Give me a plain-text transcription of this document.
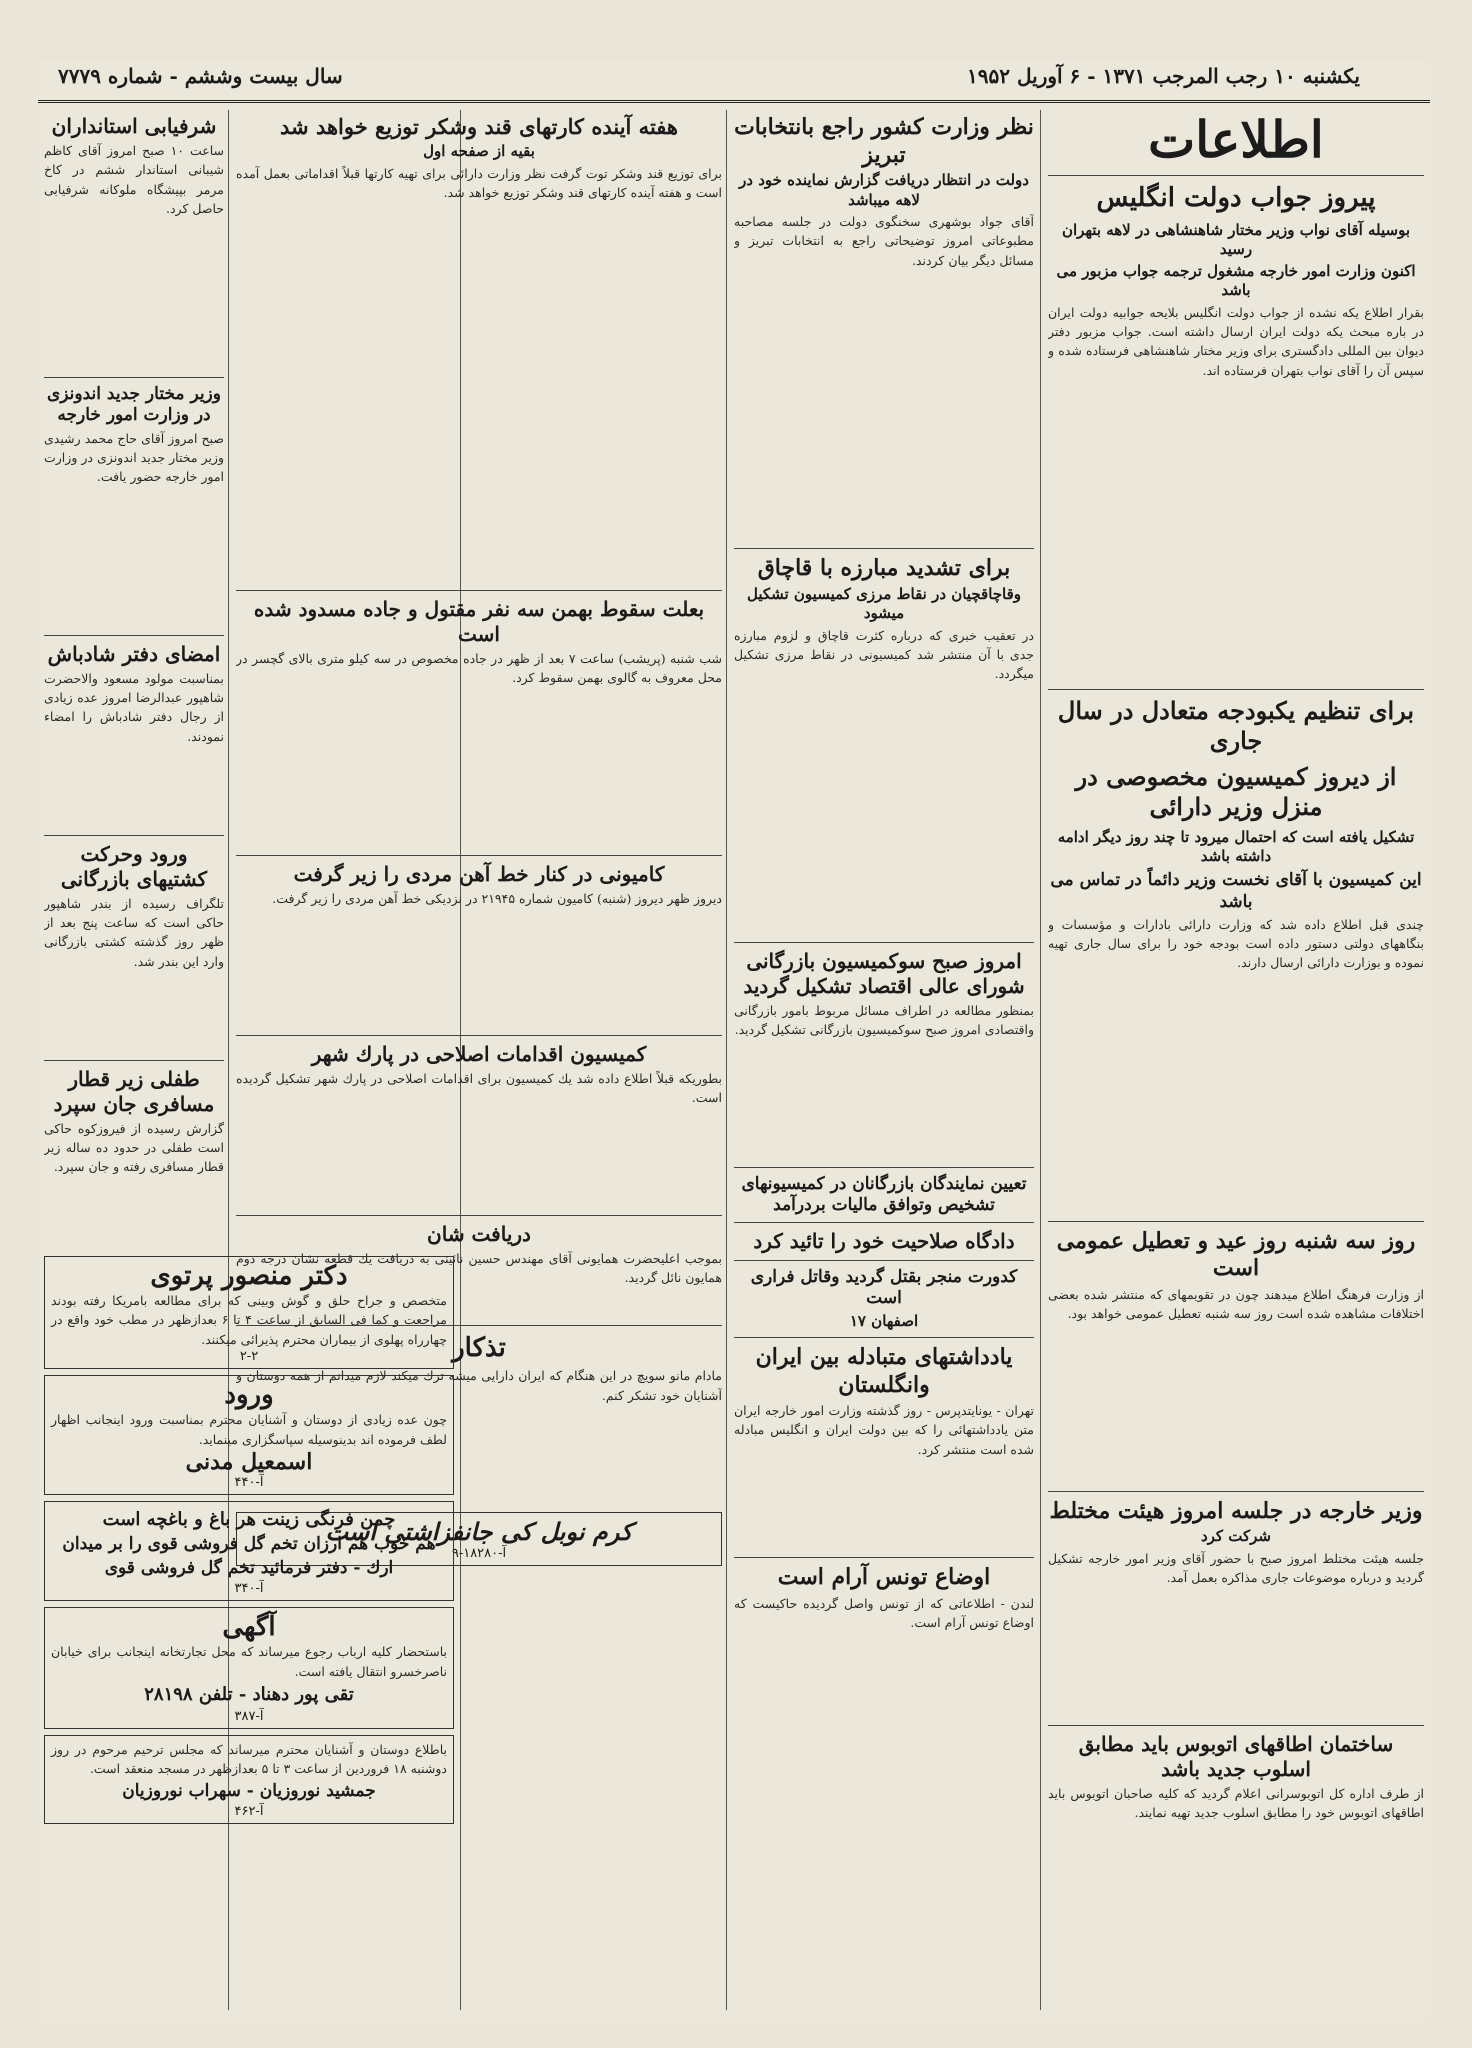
يكشنبه ۱۰ رجب المرجب ۱۳۷۱ - ۶ آوريل ۱۹۵۲
سال بيست وششم - شماره ۷۷۷۹
اطلاعات
پيروز جواب دولت انگليس
بوسيله آقاى نواب وزير مختار شاهنشاهى در لاهه بتهران رسيد
اكنون وزارت امور خارجه مشغول ترجمه جواب مزبور مى باشد
بقرار اطلاع يكه نشده از جواب دولت انگليس بلايحه جوابيه دولت ايران در باره مبحث يكه دولت ايران ارسال داشته است. جواب مزبور دفتر ديوان بين المللى دادگسترى براى وزير مختار شاهنشاهى فرستاده شده و سپس آن را آقاى نواب بتهران فرستاده اند.
براى تنظيم يكبودجه متعادل در سال جارى
از ديروز كميسيون مخصوصى در منزل وزير دارائى
تشكيل يافته است كه احتمال ميرود تا چند روز ديگر ادامه داشته باشد
اين كميسيون با آقاى نخست وزير دائماً در تماس مى باشد
چندى قبل اطلاع داده شد كه وزارت دارائى بادارات و مؤسسات و بنگاههاى دولتى دستور داده است بودجه خود را براى سال جارى تهيه نموده و بوزارت دارائى ارسال دارند.
روز سه شنبه روز عيد و تعطيل عمومى است
از وزارت فرهنگ اطلاع ميدهند چون در تقويمهاى كه منتشر شده بعضى اختلافات مشاهده شده است روز سه شنبه تعطيل عمومى خواهد بود.
وزير خارجه در جلسه امروز هيئت مختلط
شركت كرد
جلسه هيئت مختلط امروز صبح با حضور آقاى وزير امور خارجه تشكيل گرديد و درباره موضوعات جارى مذاكره بعمل آمد.
ساختمان اطاقهاى اتوبوس بايد مطابق اسلوب جديد باشد
از طرف اداره كل اتوبوسرانى اعلام گرديد كه كليه صاحبان اتوبوس بايد اطاقهاى اتوبوس خود را مطابق اسلوب جديد تهيه نمايند.
نظر وزارت كشور راجع بانتخابات تبريز
دولت در انتظار دريافت گزارش نماينده خود در لاهه ميباشد
آقاى جواد بوشهرى سخنگوى دولت در جلسه مصاحبه مطبوعاتى امروز توضيحاتى راجع به انتخابات تبريز و مسائل ديگر بيان كردند.
براى تشديد مبارزه با قاچاق
وقاچاقچيان در نقاط مرزى كميسيون تشكيل ميشود
در تعقيب خبرى كه درباره كثرت قاچاق و لزوم مبارزه جدى با آن منتشر شد كميسيونى در نقاط مرزى تشكيل ميگردد.
امروز صبح سوكميسيون بازرگانى شوراى عالى اقتصاد تشكيل گرديد
بمنظور مطالعه در اطراف مسائل مربوط بامور بازرگانى واقتصادى امروز صبح سوكميسيون بازرگانى تشكيل گرديد.
تعيين نمايندگان بازرگانان در كميسيونهاى تشخيص وتوافق ماليات بردرآمد
دادگاه صلاحيت خود را تائيد كرد
كدورت منجر بقتل گرديد وقاتل فرارى است
اصفهان ۱۷
يادداشتهاى متبادله بين ايران وانگلستان
تهران - يونايتدپرس - روز گذشته وزارت امور خارجه ايران متن يادداشتهائى را كه بين دولت ايران و انگليس مبادله شده است منتشر كرد.
اوضاع تونس آرام است
لندن - اطلاعاتى كه از تونس واصل گرديده حاكيست كه اوضاع تونس آرام است.
هفته آينده كارتهاى قند وشكر توزيع خواهد شد
بقيه از صفحه اول
براى توزيع قند وشكر توت گرفت نظر وزارت دارائى براى تهيه كارتها قبلاً اقداماتى بعمل آمده است و هفته آينده كارتهاى قند وشكر توزيع خواهد شد.
بعلت سقوط بهمن سه نفر مقتول و جاده مسدود شده است
شب شنبه (پريشب) ساعت ۷ بعد از ظهر در جاده مخصوص در سه كيلو مترى بالاى گچسر در محل معروف به گالوى بهمن سقوط كرد.
كاميونى در كنار خط آهن مردى را زير گرفت
ديروز ظهر ديروز (شنبه) كاميون شماره ۲۱۹۴۵ در نزديكى خط آهن مردى را زير گرفت.
كميسيون اقدامات اصلاحى در پارك شهر
بطوريكه قبلاً اطلاع داده شد يك كميسيون براى اقدامات اصلاحى در پارك شهر تشكيل گرديده است.
دريافت شان
بموجب اعليحضرت همايونى آقاى مهندس حسين نائينى به دريافت يك قطعه نشان درجه دوم همايون نائل گرديد.
تذكار
مادام مانو سويچ در اين هنگام كه ايران دارايى ميشه ترك ميكند لازم ميدانم از همه دوستان و آشنايان خود تشكر كنم.
كرم نوبل كى جانفزاشتى است
آ-۱۸۲۸۰-۹
شرفيابى استانداران
ساعت ۱۰ صبح امروز آقاى كاظم شيبانى استاندار ششم در كاخ مرمر بپيشگاه ملوكانه شرفيابى حاصل كرد.
وزير مختار جديد اندونزى در وزارت امور خارجه
صبح امروز آقاى حاج محمد رشيدى وزير مختار جديد اندونزى در وزارت امور خارجه حضور يافت.
امضاى دفتر شادباش
بمناسبت مولود مسعود والاحضرت شاهپور عبدالرضا امروز عده زيادى از رجال دفتر شادباش را امضاء نمودند.
ورود وحركت كشتيهاى بازرگانى
تلگراف رسيده از بندر شاهپور حاكى است كه ساعت پنج بعد از ظهر روز گذشته كشتى بازرگانى وارد اين بندر شد.
طفلى زير قطار مسافرى جان سپرد
گزارش رسيده از فيروزكوه حاكى است طفلى در حدود ده ساله زير قطار مسافرى رفته و جان سپرد.
دكتر منصور پرتوى
متخصص و جراح حلق و گوش وبينى كه براى مطالعه بامريكا رفته بودند مراجعت و كما فى السابق از ساعت ۴ تا ۶ بعدازظهر در مطب خود واقع در چهارراه پهلوى از بيماران محترم پذيرائى ميكنند.
۲-۲
ورود
چون عده زيادى از دوستان و آشنايان محترم بمناسبت ورود اينجانب اظهار لطف فرموده اند بدينوسيله سپاسگزارى مينمايد.
اسمعيل مدنى
آ-۴۴۰
چمن فرنگى زينت هر باغ و باغچه است
هم خوب هم ارزان تخم گل فروشى قوى را بر ميدان
ارك - دفتر فرمائيد تخم گل فروشى قوى
آ-۳۴۰
آگهى
باستحضار كليه ارباب رجوع ميرساند كه محل تجارتخانه اينجانب براى خيابان ناصرخسرو انتقال يافته است.
تقى پور دهناد - تلفن ۲۸۱۹۸
آ-۳۸۷
باطلاع دوستان و آشنايان محترم ميرساند كه مجلس ترحيم مرحوم در روز دوشنبه ۱۸ فروردين از ساعت ۳ تا ۵ بعدازظهر در مسجد منعقد است.
جمشيد نوروزيان - سهراب نوروزيان
آ-۴۶۲
